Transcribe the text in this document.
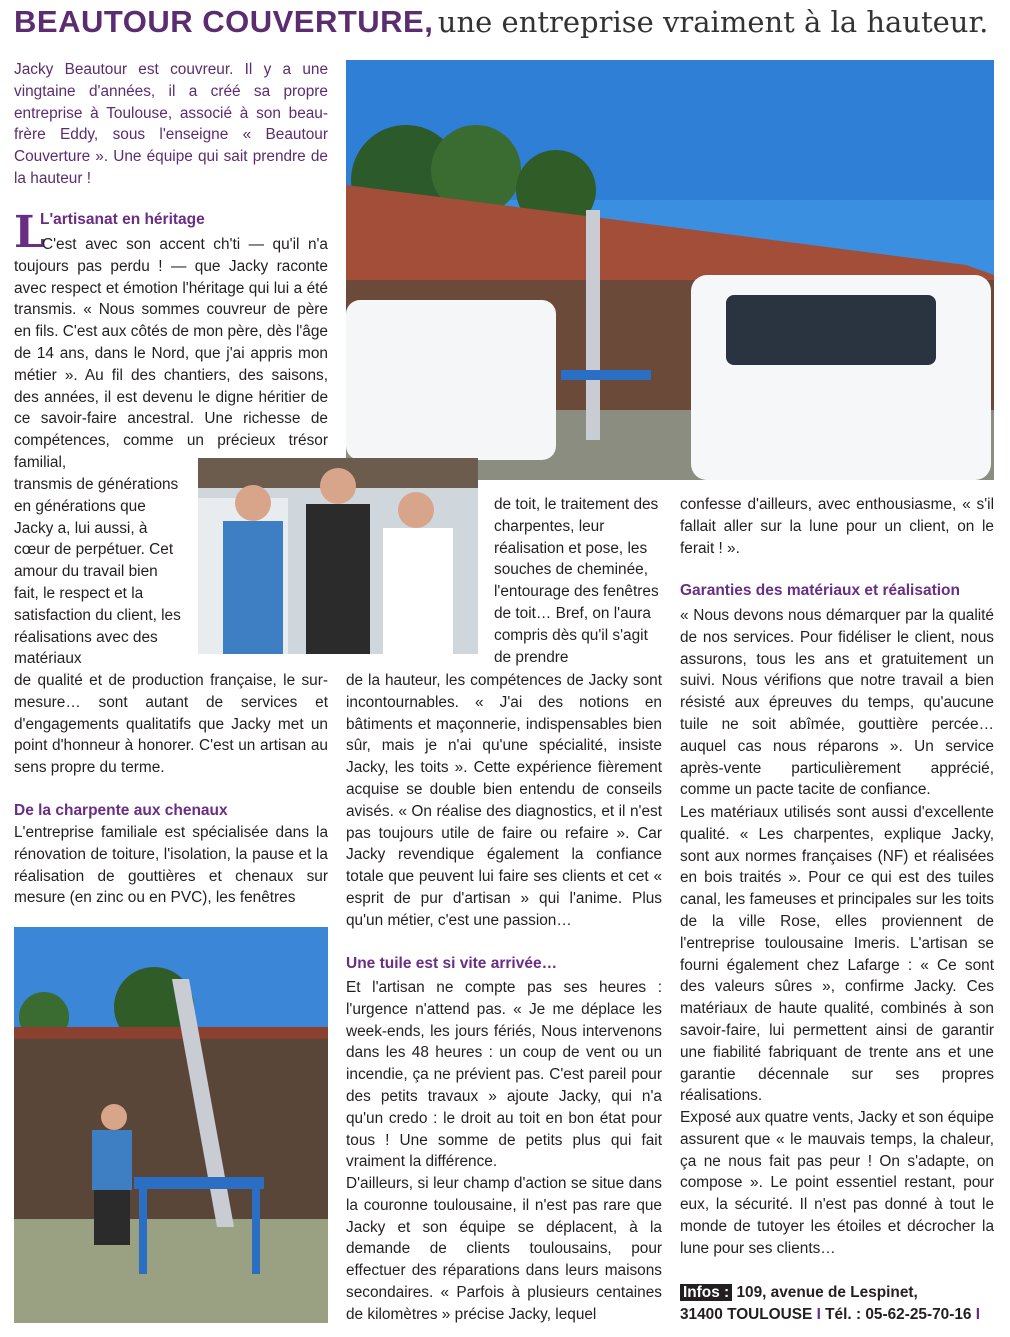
BEAUTOUR COUVERTURE, une entreprise vraiment à la hauteur.
Jacky Beautour est couvreur. Il y a une vingtaine d'années, il a créé sa propre entreprise à Toulouse, associé à son beau-frère Eddy, sous l'enseigne « Beautour Couverture ». Une équipe qui sait prendre de la hauteur !
L
L'artisanat en héritage
C'est avec son accent ch'ti — qu'il n'a toujours pas perdu ! — que Jacky raconte avec respect et émotion l'héritage qui lui a été transmis. « Nous sommes couvreur de père en fils. C'est aux côtés de mon père, dès l'âge de 14 ans, dans le Nord, que j'ai appris mon métier ». Au fil des chantiers, des saisons, des années, il est devenu le digne héritier de ce savoir-faire ancestral. Une richesse de compétences, comme un précieux trésor familial,
transmis de générations en générations que Jacky a, lui aussi, à cœur de perpétuer. Cet amour du travail bien fait, le respect et la satisfaction du client, les réalisations avec des matériaux
de qualité et de production française, le sur-mesure… sont autant de services et d'engagements qualitatifs que Jacky met un point d'honneur à honorer. C'est un artisan au sens propre du terme.
De la charpente aux chenaux
L'entreprise familiale est spécialisée dans la rénovation de toiture, l'isolation, la pause et la réalisation de gouttières et chenaux sur mesure (en zinc ou en PVC), les fenêtres
de toit, le traitement des charpentes, leur réalisation et pose, les souches de cheminée, l'entourage des fenêtres de toit… Bref, on l'aura compris dès qu'il s'agit de prendre
de la hauteur, les compétences de Jacky sont incontournables. « J'ai des notions en bâtiments et maçonnerie, indispensables bien sûr, mais je n'ai qu'une spécialité, insiste Jacky, les toits ». Cette expérience fièrement acquise se double bien entendu de conseils avisés. « On réalise des diagnostics, et il n'est pas toujours utile de faire ou refaire ». Car Jacky revendique également la confiance totale que peuvent lui faire ses clients et cet « esprit de pur d'artisan » qui l'anime. Plus qu'un métier, c'est une passion…
Une tuile est si vite arrivée…
Et l'artisan ne compte pas ses heures : l'urgence n'attend pas. « Je me déplace les week-ends, les jours fériés, Nous intervenons dans les 48 heures : un coup de vent ou un incendie, ça ne prévient pas. C'est pareil pour des petits travaux » ajoute Jacky, qui n'a qu'un credo : le droit au toit en bon état pour tous ! Une somme de petits plus qui fait vraiment la différence.
D'ailleurs, si leur champ d'action se situe dans la couronne toulousaine, il n'est pas rare que Jacky et son équipe se déplacent, à la demande de clients toulousains, pour effectuer des réparations dans leurs maisons secondaires. « Parfois à plusieurs centaines de kilomètres » précise Jacky, lequel
confesse d'ailleurs, avec enthousiasme, « s'il fallait aller sur la lune pour un client, on le ferait ! ».
Garanties des matériaux et réalisation
« Nous devons nous démarquer par la qualité de nos services. Pour fidéliser le client, nous assurons, tous les ans et gratuitement un suivi. Nous vérifions que notre travail a bien résisté aux épreuves du temps, qu'aucune tuile ne soit abîmée, gouttière percée… auquel cas nous réparons ». Un service après-vente particulièrement apprécié, comme un pacte tacite de confiance.
Les matériaux utilisés sont aussi d'excellente qualité. « Les charpentes, explique Jacky, sont aux normes françaises (NF) et réalisées en bois traités ». Pour ce qui est des tuiles canal, les fameuses et principales sur les toits de la ville Rose, elles proviennent de l'entreprise toulousaine Imeris. L'artisan se fourni également chez Lafarge : « Ce sont des valeurs sûres », confirme Jacky. Ces matériaux de haute qualité, combinés à son savoir-faire, lui permettent ainsi de garantir une fiabilité fabriquant de trente ans et une garantie décennale sur ses propres réalisations.
Exposé aux quatre vents, Jacky et son équipe assurent que « le mauvais temps, la chaleur, ça ne nous fait pas peur ! On s'adapte, on compose ». Le point essentiel restant, pour eux, la sécurité. Il n'est pas donné à tout le monde de tutoyer les étoiles et décrocher la lune pour ses clients…
Infos : 109, avenue de Lespinet,
31400 TOULOUSE I Tél. : 05-62-25-70-16 I
